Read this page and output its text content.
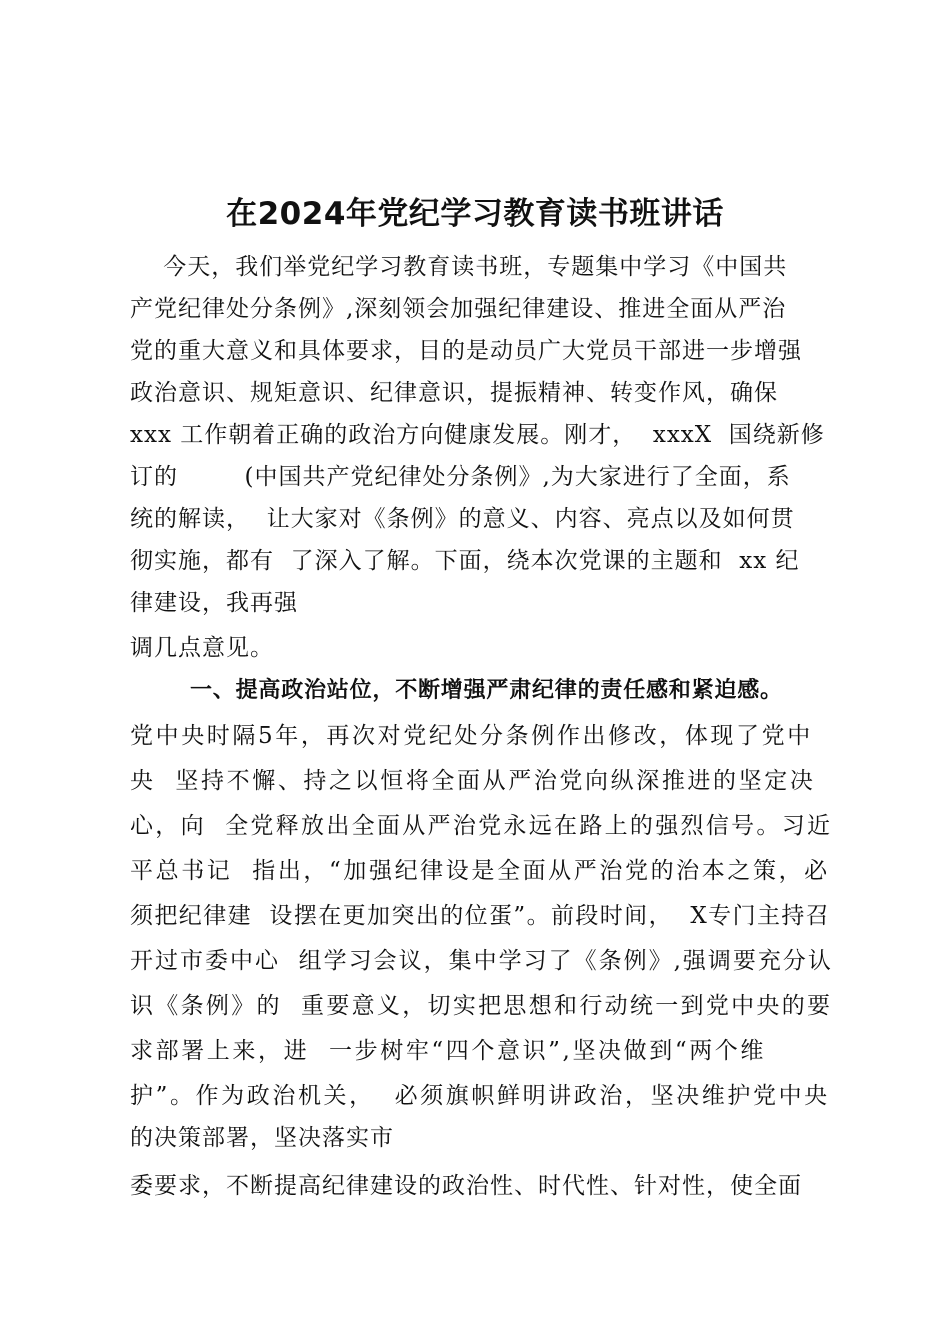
在2024年党纪学习教育读书班讲话
今天，我们举党纪学习教育读书班，专题集中学习《中国共
产党纪律处分条例》,深刻领会加强纪律建设、推进全面从严治
党的重大意义和具体要求，目的是动员广大党员干部进一步增强
政治意识、规矩意识、纪律意识，提振精神、转变作风，确保
xxx 工作朝着正确的政治方向健康发展。刚才，  xxxX  国绕新修
订的        (中国共产党纪律处分条例》,为大家进行了全面，系
统的解读，  让大家对《条例》的意义、内容、亮点以及如何贯
彻实施，都有  了深入了解。下面，绕本次党课的主题和  xx 纪
律建设，我再强
调几点意见。
一、提高政治站位，不断增强严肃纪律的责任感和紧迫感。
党中央时隔5年，再次对党纪处分条例作出修改，体现了党中
央  坚持不懈、持之以恒将全面从严治党向纵深推进的坚定决
心，向  全党释放出全面从严治党永远在路上的强烈信号。习近
平总书记  指出，“加强纪律设是全面从严治党的治本之策，必
须把纪律建  设摆在更加突出的位蛋”。前段时间，  X专门主持召
开过市委中心  组学习会议，集中学习了《条例》,强调要充分认
识《条例》的  重要意义，切实把思想和行动统一到党中央的要
求部署上来，进  一步树牢“四个意识”,坚决做到“两个维
护”。作为政治机关，  必须旗帜鲜明讲政治，坚决维护党中央
的决策部署，坚决落实市
委要求，不断提高纪律建设的政治性、时代性、针对性，使全面
